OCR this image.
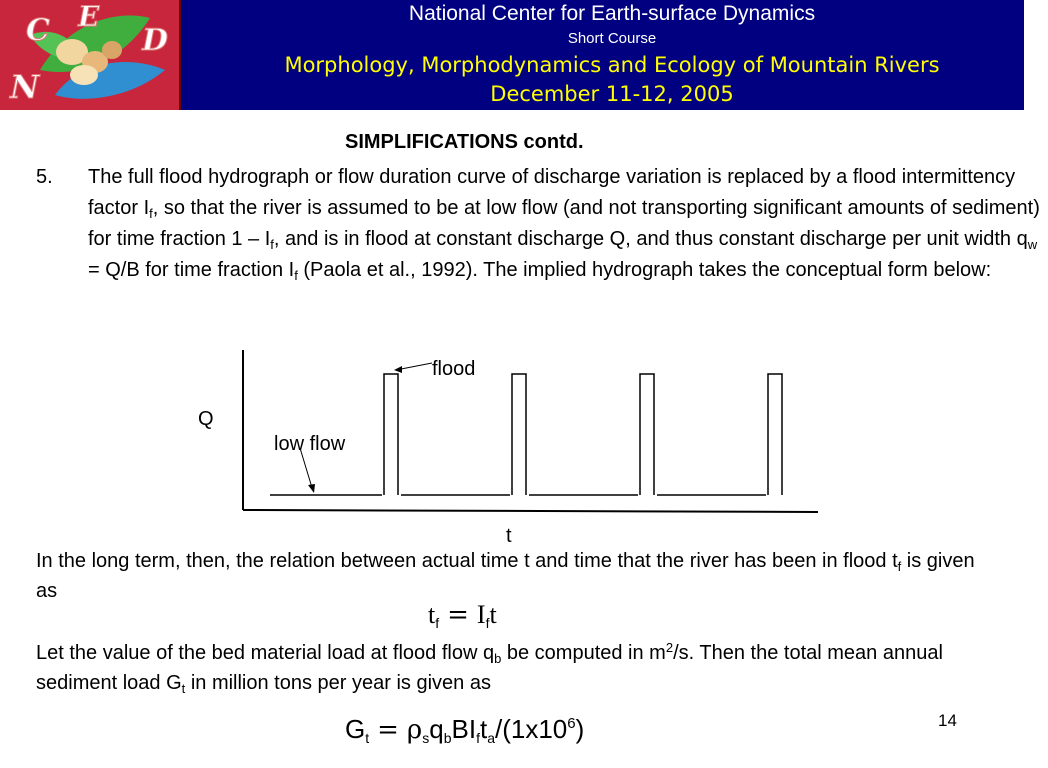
C E
D
N

National Center for Earth-surface Dynamics

Short Course

Morphology, Morphodynamics and Ecology of Mountain Rivers

December 11-12, 2005

SIMPLIFICATIONS contd.

5. The full flood hydrograph or flow duration curve of discharge variation is replaced by a flood intermittency factor $I_f$, so that the river is assumed to be at low flow (and not transporting significant amounts of sediment) for time fraction $1 - I_f$, and is in flood at constant discharge Q, and thus constant discharge per unit width $q_w = Q/B$ for time fraction $I_f$ (Paola et al., 1992). The implied hydrograph takes the conceptual form below:

flood
low flow
Q
t

In the long term, then, the relation between actual time t and time that the river has been in flood $t_f$ is given as

$t_f = I_ft$

Let the value of the bed material load at flood flow $q_b$ be computed in $m^2/s$. Then the total mean annual sediment load $G_t$ in million tons per year is given as

$G_t = \rho_sq_bBI_ft_a/(1x10^6)$	14
